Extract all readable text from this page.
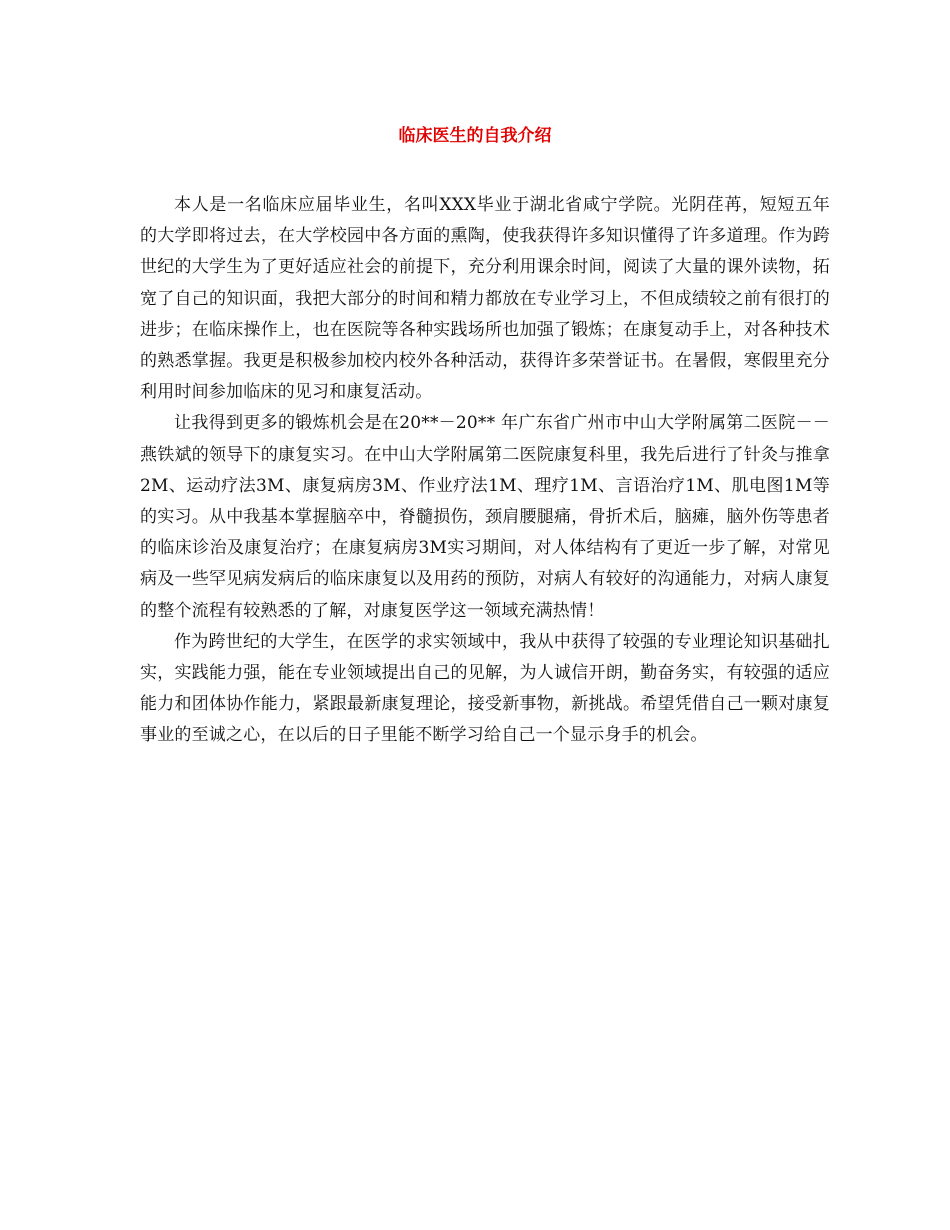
临床医生的自我介绍

本人是一名临床应届毕业生，名叫XXX毕业于湖北省咸宁学院。光阴荏苒，短短五年的大学即将过去，在大学校园中各方面的熏陶，使我获得许多知识懂得了许多道理。作为跨世纪的大学生为了更好适应社会的前提下，充分利用课余时间，阅读了大量的课外读物，拓宽了自己的知识面，我把大部分的时间和精力都放在专业学习上，不但成绩较之前有很打的进步；在临床操作上，也在医院等各种实践场所也加强了锻炼；在康复动手上，对各种技术的熟悉掌握。我更是积极参加校内校外各种活动，获得许多荣誉证书。在暑假，寒假里充分利用时间参加临床的见习和康复活动。

让我得到更多的锻炼机会是在20**－20** 年广东省广州市中山大学附属第二医院－－燕铁斌的领导下的康复实习。在中山大学附属第二医院康复科里，我先后进行了针灸与推拿2M、运动疗法3M、康复病房3M、作业疗法1M、理疗1M、言语治疗1M、肌电图1M等的实习。从中我基本掌握脑卒中，脊髓损伤，颈肩腰腿痛，骨折术后，脑瘫，脑外伤等患者的临床诊治及康复治疗；在康复病房3M实习期间，对人体结构有了更近一步了解，对常见病及一些罕见病发病后的临床康复以及用药的预防，对病人有较好的沟通能力，对病人康复的整个流程有较熟悉的了解，对康复医学这一领域充满热情！

作为跨世纪的大学生，在医学的求实领域中，我从中获得了较强的专业理论知识基础扎实，实践能力强，能在专业领域提出自己的见解，为人诚信开朗，勤奋务实，有较强的适应能力和团体协作能力，紧跟最新康复理论，接受新事物，新挑战。希望凭借自己一颗对康复事业的至诚之心，在以后的日子里能不断学习给自己一个显示身手的机会。
